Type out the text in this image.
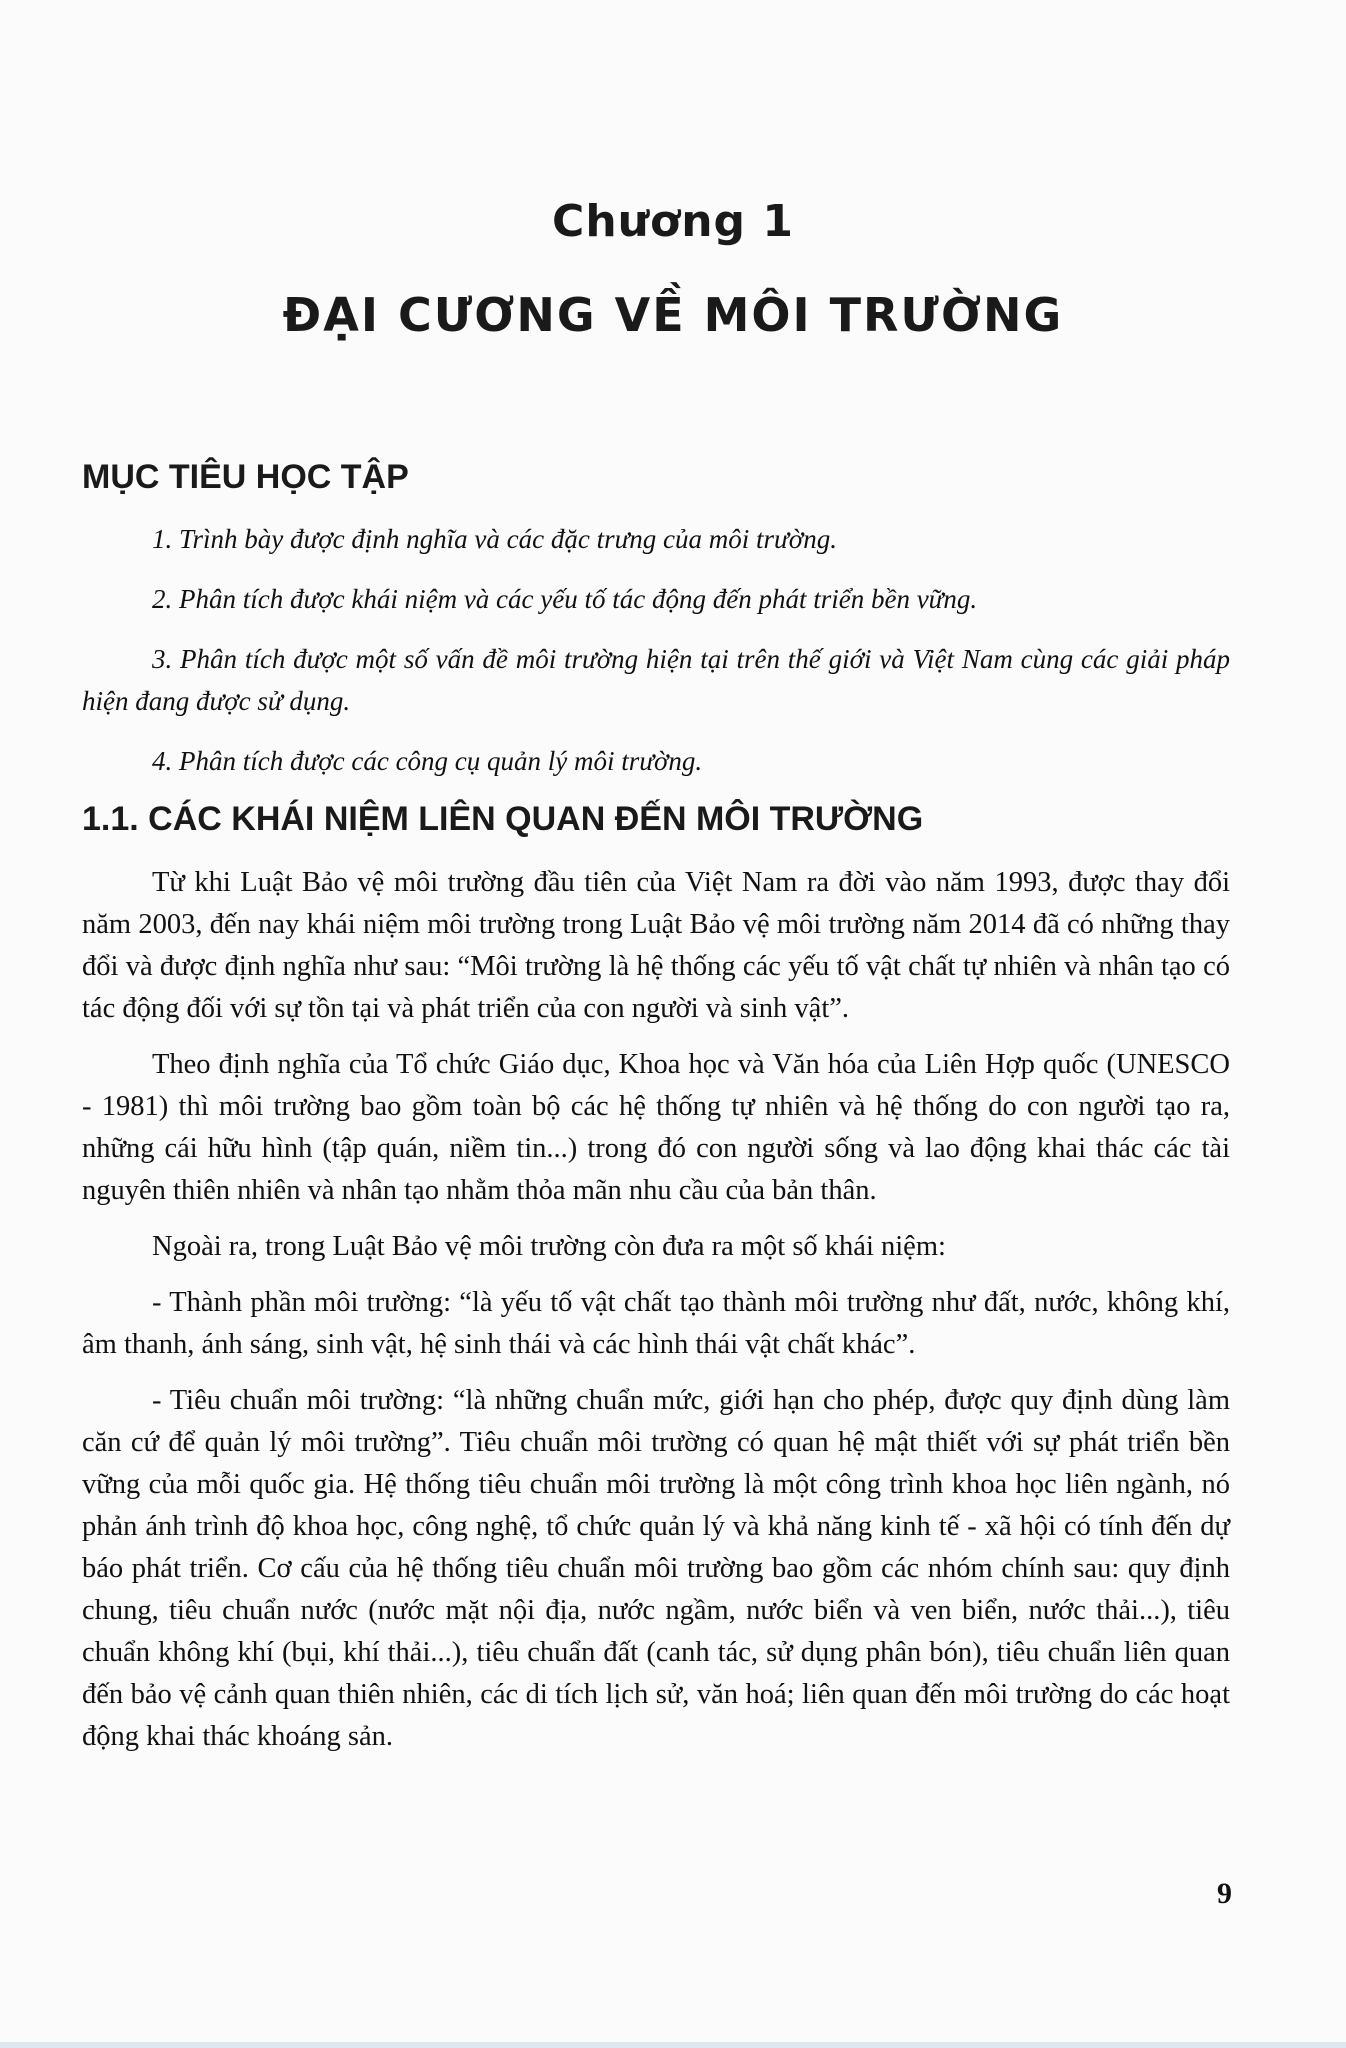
Chương 1
ĐẠI CƯƠNG VỀ MÔI TRƯỜNG
MỤC TIÊU HỌC TẬP
1. Trình bày được định nghĩa và các đặc trưng của môi trường.
2. Phân tích được khái niệm và các yếu tố tác động đến phát triển bền vững.
3. Phân tích được một số vấn đề môi trường hiện tại trên thế giới và Việt Nam cùng các giải pháp hiện đang được sử dụng.
4. Phân tích được các công cụ quản lý môi trường.
1.1. CÁC KHÁI NIỆM LIÊN QUAN ĐẾN MÔI TRƯỜNG

Từ khi Luật Bảo vệ môi trường đầu tiên của Việt Nam ra đời vào năm 1993, được thay đổi năm 2003, đến nay khái niệm môi trường trong Luật Bảo vệ môi trường năm 2014 đã có những thay đổi và được định nghĩa như sau: “Môi trường là hệ thống các yếu tố vật chất tự nhiên và nhân tạo có tác động đối với sự tồn tại và phát triển của con người và sinh vật”.

Theo định nghĩa của Tổ chức Giáo dục, Khoa học và Văn hóa của Liên Hợp quốc (UNESCO - 1981) thì môi trường bao gồm toàn bộ các hệ thống tự nhiên và hệ thống do con người tạo ra, những cái hữu hình (tập quán, niềm tin...) trong đó con người sống và lao động khai thác các tài nguyên thiên nhiên và nhân tạo nhằm thỏa mãn nhu cầu của bản thân.

Ngoài ra, trong Luật Bảo vệ môi trường còn đưa ra một số khái niệm:

- Thành phần môi trường: “là yếu tố vật chất tạo thành môi trường như đất, nước, không khí, âm thanh, ánh sáng, sinh vật, hệ sinh thái và các hình thái vật chất khác”.

- Tiêu chuẩn môi trường: “là những chuẩn mức, giới hạn cho phép, được quy định dùng làm căn cứ để quản lý môi trường”. Tiêu chuẩn môi trường có quan hệ mật thiết với sự phát triển bền vững của mỗi quốc gia. Hệ thống tiêu chuẩn môi trường là một công trình khoa học liên ngành, nó phản ánh trình độ khoa học, công nghệ, tổ chức quản lý và khả năng kinh tế - xã hội có tính đến dự báo phát triển. Cơ cấu của hệ thống tiêu chuẩn môi trường bao gồm các nhóm chính sau: quy định chung, tiêu chuẩn nước (nước mặt nội địa, nước ngầm, nước biển và ven biển, nước thải...), tiêu chuẩn không khí (bụi, khí thải...), tiêu chuẩn đất (canh tác, sử dụng phân bón), tiêu chuẩn liên quan đến bảo vệ cảnh quan thiên nhiên, các di tích lịch sử, văn hoá; liên quan đến môi trường do các hoạt động khai thác khoáng sản.

9
